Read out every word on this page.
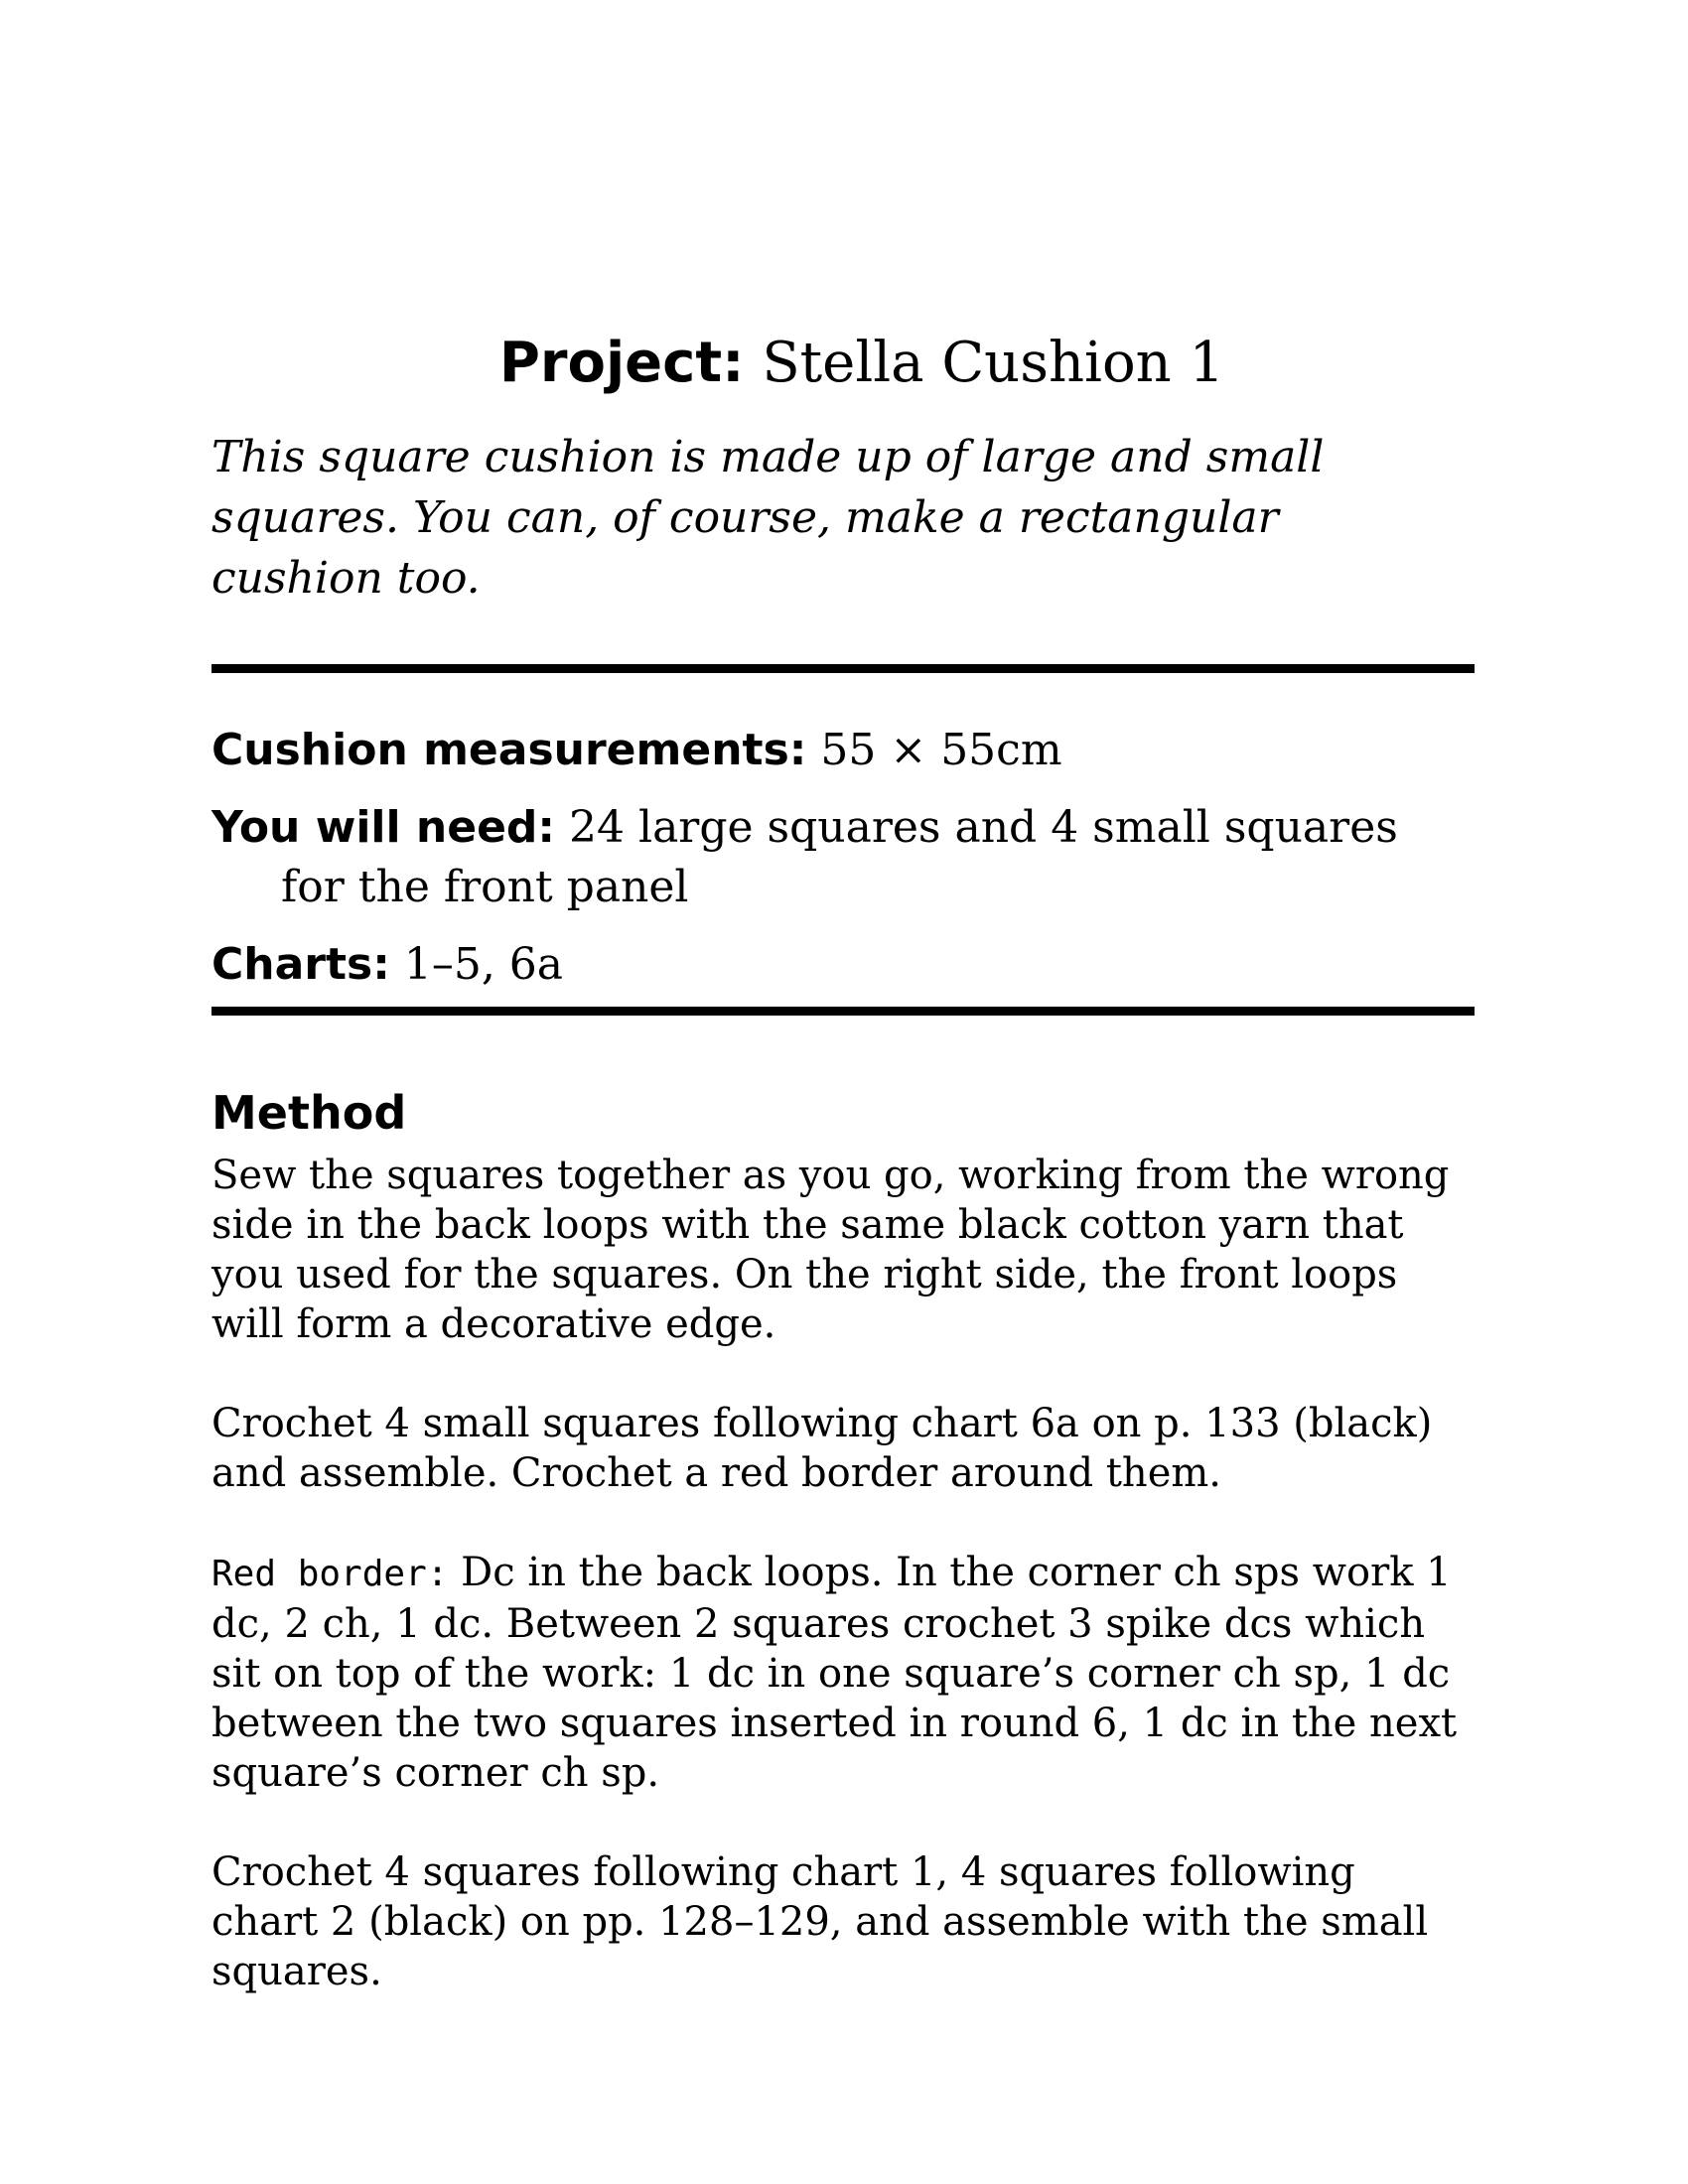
Project: Stella Cushion 1

This square cushion is made up of large and small squares. You can, of course, make a rectangular cushion too.

Cushion measurements: 55 × 55cm

You will need: 24 large squares and 4 small squares for the front panel

Charts: 1–5, 6a

Method

Sew the squares together as you go, working from the wrong side in the back loops with the same black cotton yarn that you used for the squares. On the right side, the front loops will form a decorative edge.

Crochet 4 small squares following chart 6a on p. 133 (black) and assemble. Crochet a red border around them.

Red border: Dc in the back loops. In the corner ch sps work 1 dc, 2 ch, 1 dc. Between 2 squares crochet 3 spike dcs which sit on top of the work: 1 dc in one square’s corner ch sp, 1 dc between the two squares inserted in round 6, 1 dc in the next square’s corner ch sp.

Crochet 4 squares following chart 1, 4 squares following chart 2 (black) on pp. 128–129, and assemble with the small squares.
